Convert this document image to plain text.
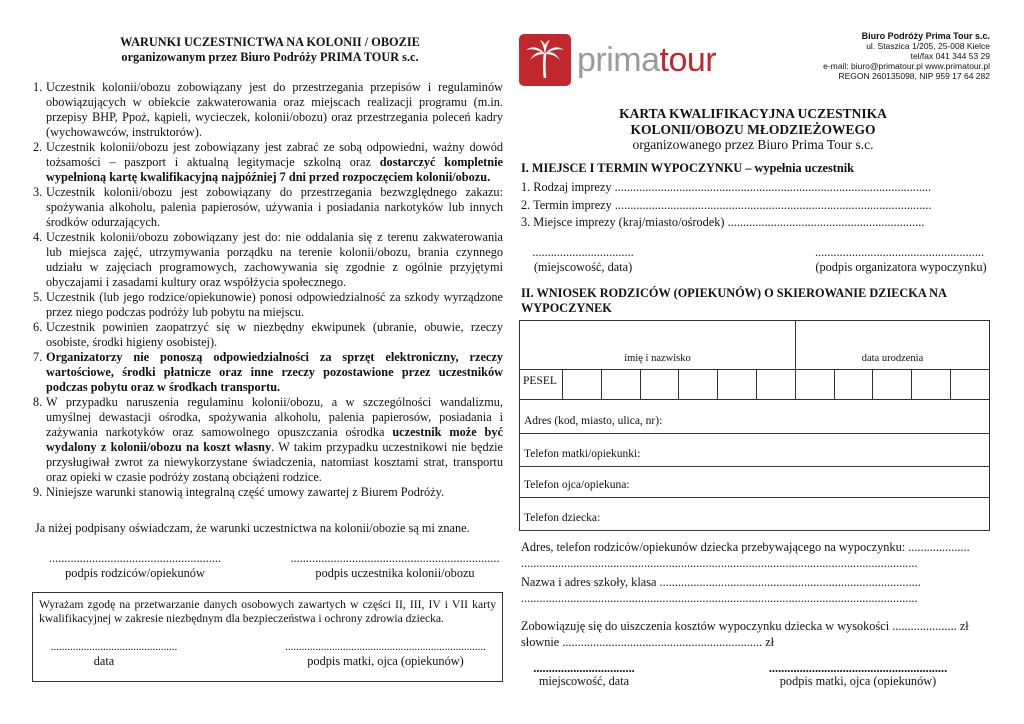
WARUNKI UCZESTNICTWA NA KOLONII / OBOZIE
organizowanym przez Biuro Podróży PRIMA TOUR s.c.
1. Uczestnik kolonii/obozu zobowiązany jest do przestrzegania przepisów i regulaminów obowiązujących w obiekcie zakwaterowania oraz miejscach realizacji programu (m.in. przepisy BHP, Ppoż, kąpieli, wycieczek, kolonii/obozu) oraz przestrzegania poleceń kadry (wychowawców, instruktorów).
2. Uczestnik kolonii/obozu jest zobowiązany jest zabrać ze sobą odpowiedni, ważny dowód tożsamości – paszport i aktualną legitymacje szkolną oraz dostarczyć kompletnie wypełnioną kartę kwalifikacyjną najpóźniej 7 dni przed rozpoczęciem kolonii/obozu.
3. Uczestnik kolonii/obozu jest zobowiązany do przestrzegania bezwzględnego zakazu: spożywania alkoholu, palenia papierosów, używania i posiadania narkotyków lub innych środków odurzających.
4. Uczestnik kolonii/obozu zobowiązany jest do: nie oddalania się z terenu zakwaterowania lub miejsca zajęć, utrzymywania porządku na terenie kolonii/obozu, brania czynnego udziału w zajęciach programowych, zachowywania się zgodnie z ogólnie przyjętymi obyczajami i zasadami kultury oraz współżycia społecznego.
5. Uczestnik (lub jego rodzice/opiekunowie) ponosi odpowiedzialność za szkody wyrządzone przez niego podczas podróży lub pobytu na miejscu.
6. Uczestnik powinien zaopatrzyć się w niezbędny ekwipunek (ubranie, obuwie, rzeczy osobiste, środki higieny osobistej).
7. Organizatorzy nie ponoszą odpowiedzialności za sprzęt elektroniczny, rzeczy wartościowe, środki płatnicze oraz inne rzeczy pozostawione przez uczestników podczas pobytu oraz w środkach transportu.
8. W przypadku naruszenia regulaminu kolonii/obozu, a w szczególności wandalizmu, umyślnej dewastacji ośrodka, spożywania alkoholu, palenia papierosów, posiadania i zażywania narkotyków oraz samowolnego opuszczania ośrodka uczestnik może być wydalony z kolonii/obozu na koszt własny. W takim przypadku uczestnikowi nie będzie przysługiwał zwrot za niewykorzystane świadczenia, natomiast kosztami strat, transportu oraz opieki w czasie podróży zostaną obciążeni rodzice.
9. Niniejsze warunki stanowią integralną część umowy zawartej z Biurem Podróży.
Ja niżej podpisany oświadczam, że warunki uczestnictwa na kolonii/obozie są mi znane.
........................................................	....................................................................
podpis rodziców/opiekunów	podpis uczestnika kolonii/obozu
Wyrażam zgodę na przetwarzanie danych osobowych zawartych w części II, III, IV i VII karty kwalifikacyjnej w zakresie niezbędnym dla bezpieczeństwa i ochrony zdrowia dziecka.
..............................................	.........................................................................
data	podpis matki, ojca (opiekunów)
primatour
Biuro Podróży Prima Tour s.c.
ul. Staszica 1/205, 25-008 Kielce
tel/fax 041 344 53 29
e-mail: biuro@primatour.pl www.primatour.pl
REGON 260135098, NIP 959 17 64 282
KARTA KWALIFIKACYJNA UCZESTNIKA
KOLONII/OBOZU MŁODZIEŻOWEGO
organizowanego przez Biuro Prima Tour s.c.
I. MIEJSCE I TERMIN WYPOCZYNKU – wypełnia uczestnik
1. Rodzaj imprezy .......................................................................................................
2. Termin imprezy .......................................................................................................
3. Miejsce imprezy (kraj/miasto/ośrodek) ................................................................
.................................	.......................................................
(miejscowość, data)	(podpis organizatora wypoczynku)
II. WNIOSEK RODZICÓW (OPIEKUNÓW) O SKIEROWANIE DZIECKA NA
WYPOCZYNEK
imię i nazwisko	data urodzenia
PESEL
Adres (kod, miasto, ulica, nr):
Telefon matki/opiekunki:
Telefon ojca/opiekuna:
Telefon dziecka:
Adres, telefon rodziców/opiekunów dziecka przebywającego na wypoczynku: ....................
.................................................................................................................................
Nazwa i adres szkoły, klasa .....................................................................................
.................................................................................................................................
Zobowiązuję się do uiszczenia kosztów wypoczynku dziecka w wysokości ..................... zł
słownie ................................................................. zł
.................................	..........................................................
miejscowość, data	podpis matki, ojca (opiekunów)
